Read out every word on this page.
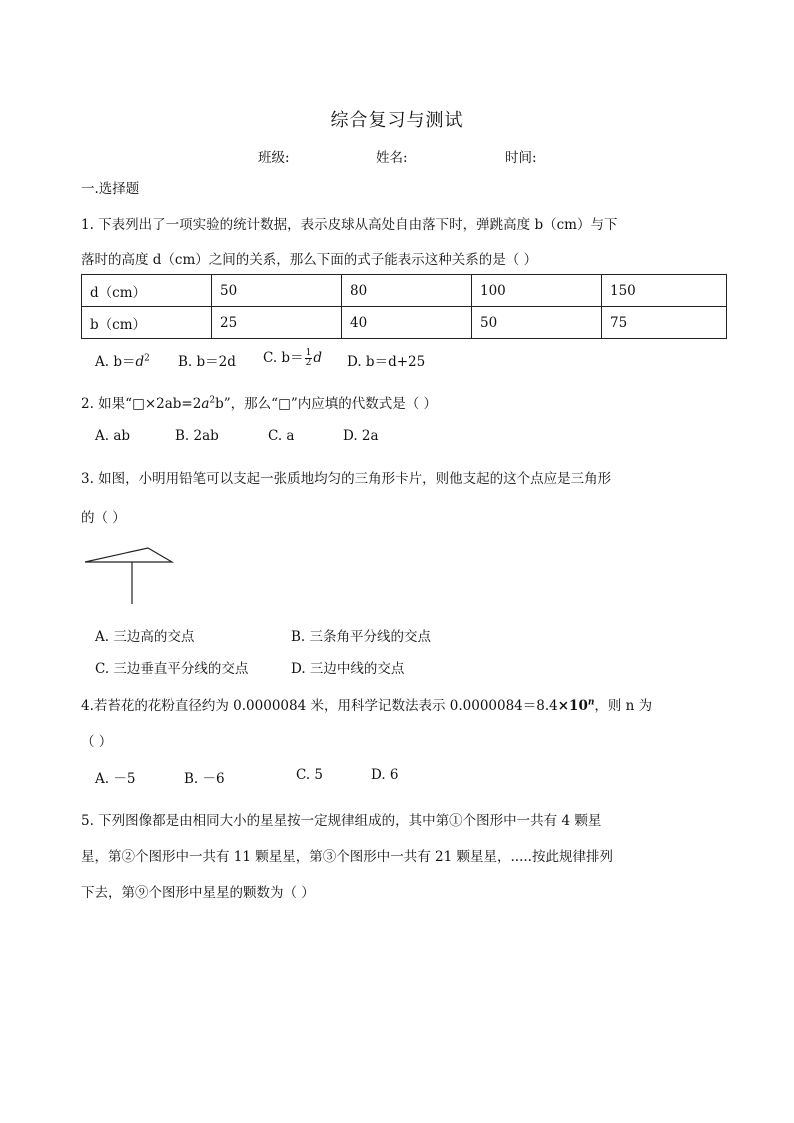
综合复习与测试
班级:	姓名:	时间:
一.选择题
1. 下表列出了一项实验的统计数据，表示皮球从高处自由落下时，弹跳高度 b（cm）与下
落时的高度 d（cm）之间的关系，那么下面的式子能表示这种关系的是（ ）
d（cm）	50	80	100	150
b（cm）	25	40	50	75
A. $b=d^2$ B. b＝2d C. $b= \frac{1}{2}$ d D. b＝d+25
2. 如果“$□\times 2ab=2a^2b$”，那么“□”内应填的代数式是（ ）
A. ab	B. 2ab	C. a	D. 2a
3. 如图，小明用铅笔可以支起一张质地均匀的三角形卡片，则他支起的这个点应是三角形
的（ ）
A. 三边高的交点	B. 三条角平分线的交点
C. 三边垂直平分线的交点	D. 三边中线的交点
4.若苔花的花粉直径约为 0.0000084 米，用科学记数法表示 $0.0000084=8.4\times 10^n$，则 n 为
（ ）
A. －5	B. －6	C. 5	D. 6
5. 下列图像都是由相同大小的星星按一定规律组成的，其中第①个图形中一共有 4 颗星
星，第②个图形中一共有 11 颗星星，第③个图形中一共有 21 颗星星，.....按此规律排列
下去，第⑨个图形中星星的颗数为（ ）
